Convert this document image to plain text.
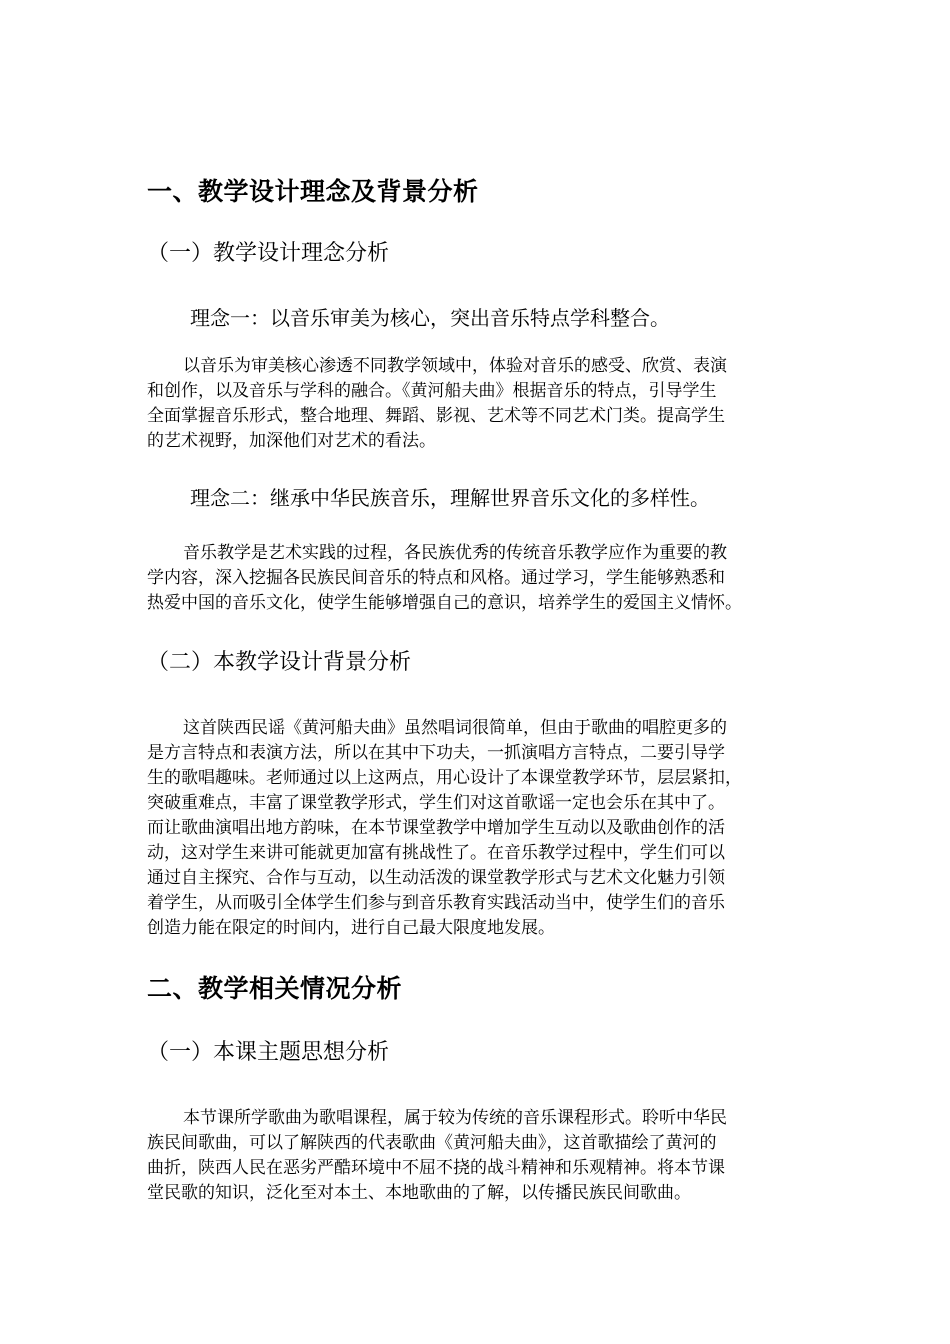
一、教学设计理念及背景分析
（一）教学设计理念分析
理念一：以音乐审美为核心，突出音乐特点学科整合。
以音乐为审美核心渗透不同教学领域中，体验对音乐的感受、欣赏、表演
和创作，以及音乐与学科的融合。《黄河船夫曲》根据音乐的特点，引导学生
全面掌握音乐形式，整合地理、舞蹈、影视、艺术等不同艺术门类。提高学生
的艺术视野，加深他们对艺术的看法。
理念二：继承中华民族音乐，理解世界音乐文化的多样性。
音乐教学是艺术实践的过程，各民族优秀的传统音乐教学应作为重要的教
学内容，深入挖掘各民族民间音乐的特点和风格。通过学习，学生能够熟悉和
热爱中国的音乐文化，使学生能够增强自己的意识，培养学生的爱国主义情怀。
（二）本教学设计背景分析
这首陕西民谣《黄河船夫曲》虽然唱词很简单，但由于歌曲的唱腔更多的
是方言特点和表演方法，所以在其中下功夫，一抓演唱方言特点，二要引导学
生的歌唱趣味。老师通过以上这两点，用心设计了本课堂教学环节，层层紧扣，
突破重难点，丰富了课堂教学形式，学生们对这首歌谣一定也会乐在其中了。
而让歌曲演唱出地方韵味，在本节课堂教学中增加学生互动以及歌曲创作的活
动，这对学生来讲可能就更加富有挑战性了。在音乐教学过程中，学生们可以
通过自主探究、合作与互动，以生动活泼的课堂教学形式与艺术文化魅力引领
着学生，从而吸引全体学生们参与到音乐教育实践活动当中，使学生们的音乐
创造力能在限定的时间内，进行自己最大限度地发展。
二、教学相关情况分析
（一）本课主题思想分析
本节课所学歌曲为歌唱课程，属于较为传统的音乐课程形式。聆听中华民
族民间歌曲，可以了解陕西的代表歌曲《黄河船夫曲》，这首歌描绘了黄河的
曲折，陕西人民在恶劣严酷环境中不屈不挠的战斗精神和乐观精神。将本节课
堂民歌的知识，泛化至对本土、本地歌曲的了解，以传播民族民间歌曲。
